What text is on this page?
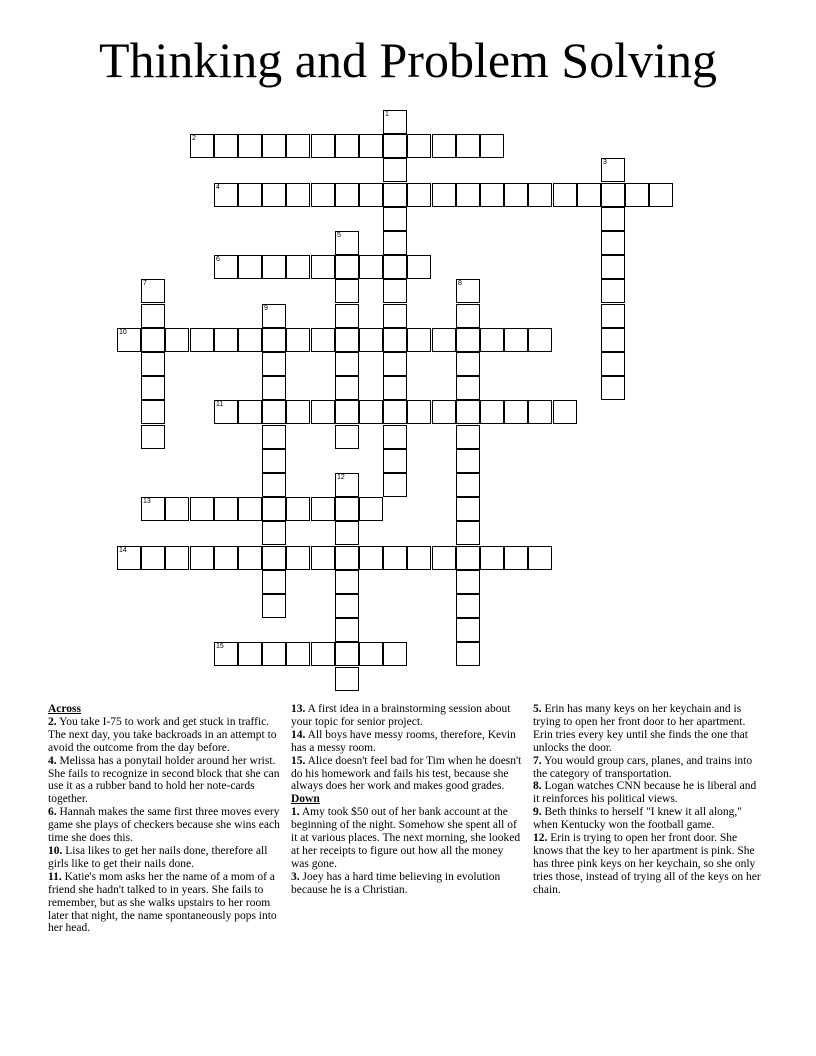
Thinking and Problem Solving
1
2
3
4
5
6
7	8
9
10
11
12
13
14
15
Across
2. You take I-75 to work and get stuck in traffic. The next day, you take backroads in an attempt to avoid the outcome from the day before.
4. Melissa has a ponytail holder around her wrist. She fails to recognize in second block that she can use it as a rubber band to hold her note-cards together.
6. Hannah makes the same first three moves every game she plays of checkers because she wins each time she does this.
10. Lisa likes to get her nails done, therefore all girls like to get their nails done.
11. Katie's mom asks her the name of a mom of a friend she hadn't talked to in years. She fails to remember, but as she walks upstairs to her room later that night, the name spontaneously pops into her head.
13. A first idea in a brainstorming session about your topic for senior project.
14. All boys have messy rooms, therefore, Kevin has a messy room.
15. Alice doesn't feel bad for Tim when he doesn't do his homework and fails his test, because she always does her work and makes good grades.
Down
1. Amy took $50 out of her bank account at the beginning of the night. Somehow she spent all of it at various places. The next morning, she looked at her receipts to figure out how all the money was gone.
3. Joey has a hard time believing in evolution because he is a Christian.
5. Erin has many keys on her keychain and is trying to open her front door to her apartment. Erin tries every key until she finds the one that unlocks the door.
7. You would group cars, planes, and trains into the category of transportation.
8. Logan watches CNN because he is liberal and it reinforces his political views.
9. Beth thinks to herself "I knew it all along," when Kentucky won the football game.
12. Erin is trying to open her front door. She knows that the key to her apartment is pink. She has three pink keys on her keychain, so she only tries those, instead of trying all of the keys on her chain.
